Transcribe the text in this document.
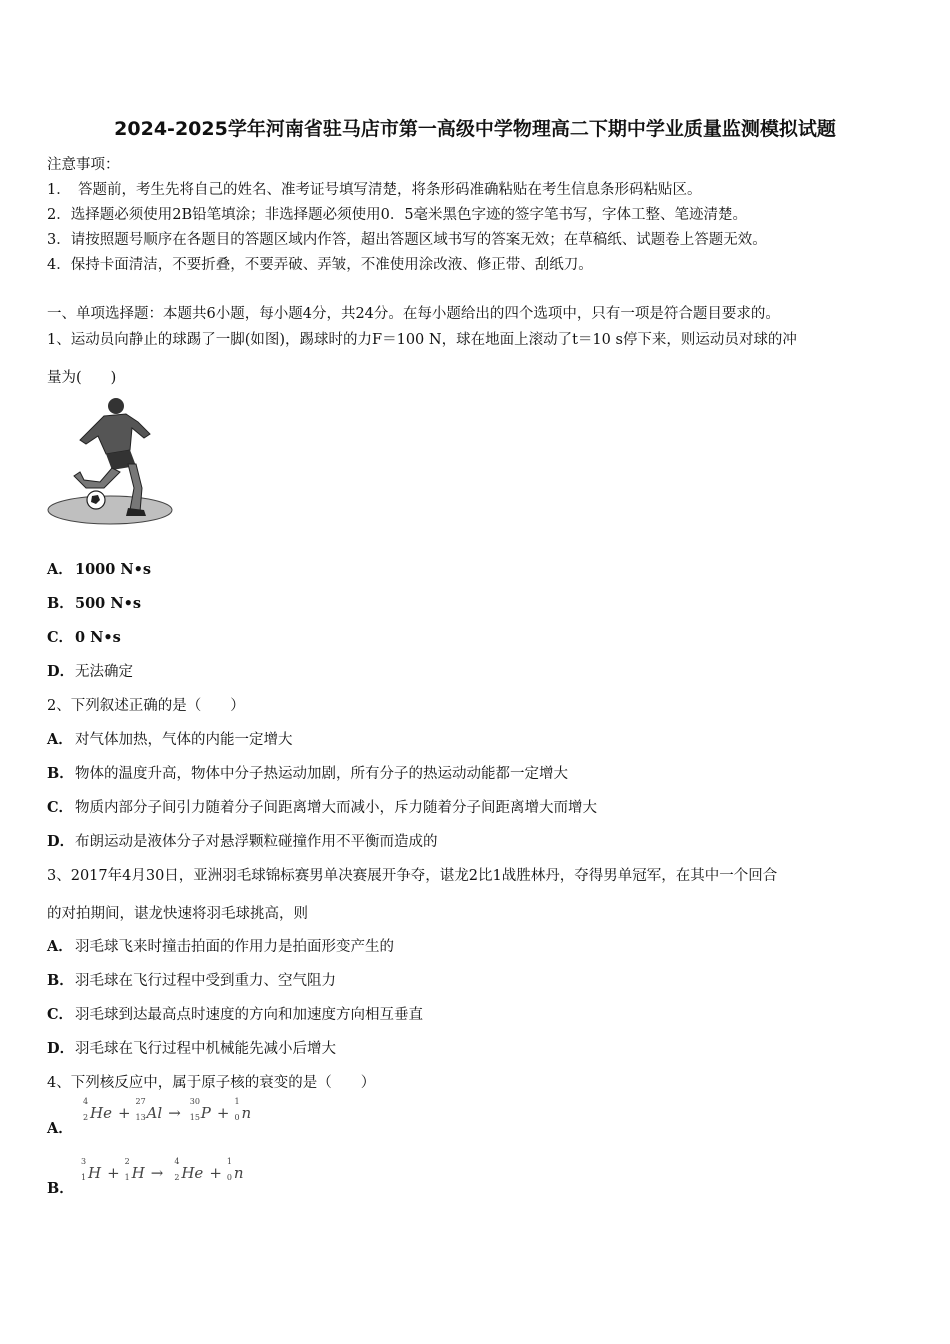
2024-2025学年河南省驻马店市第一高级中学物理高二下期中学业质量监测模拟试题
注意事项：
1．　答题前，考生先将自己的姓名、准考证号填写清楚，将条形码准确粘贴在考生信息条形码粘贴区。
2．选择题必须使用2B铅笔填涂；非选择题必须使用0．5毫米黑色字迹的签字笔书写，字体工整、笔迹清楚。
3．请按照题号顺序在各题目的答题区域内作答，超出答题区域书写的答案无效；在草稿纸、试题卷上答题无效。
4．保持卡面清洁，不要折叠，不要弄破、弄皱，不准使用涂改液、修正带、刮纸刀。
一、单项选择题：本题共6小题，每小题4分，共24分。在每小题给出的四个选项中，只有一项是符合题目要求的。
1、运动员向静止的球踢了一脚(如图)，踢球时的力F＝100 N，球在地面上滚动了t＝10 s停下来，则运动员对球的冲
量为(　　)
A． 1000 N•s
B．500 N•s
C． 0 N•s
D．无法确定
2、下列叙述正确的是（　　）
A． 对气体加热，气体的内能一定增大
B．物体的温度升高，物体中分子热运动加剧，所有分子的热运动动能都一定增大
C． 物质内部分子间引力随着分子间距离增大而减小，斥力随着分子间距离增大而增大
D．布朗运动是液体分子对悬浮颗粒碰撞作用不平衡而造成的
3、2017年4月30日，亚洲羽毛球锦标赛男单决赛展开争夺，谌龙2比1战胜林丹，夺得男单冠军，在其中一个回合
的对拍期间，谌龙快速将羽毛球挑高，则
A． 羽毛球飞来时撞击拍面的作用力是拍面形变产生的
B．羽毛球在飞行过程中受到重力、空气阻力
C． 羽毛球到达最高点时速度的方向和加速度方向相互垂直
D．羽毛球在飞行过程中机械能先减小后增大
4、下列核反应中，属于原子核的衰变的是（　　）
A．
4
2 He +
27
13 Al →
30
15 P +
1
0 n
B．
3
1 H +
2
1 H →
4
2 He +
1
0 n
